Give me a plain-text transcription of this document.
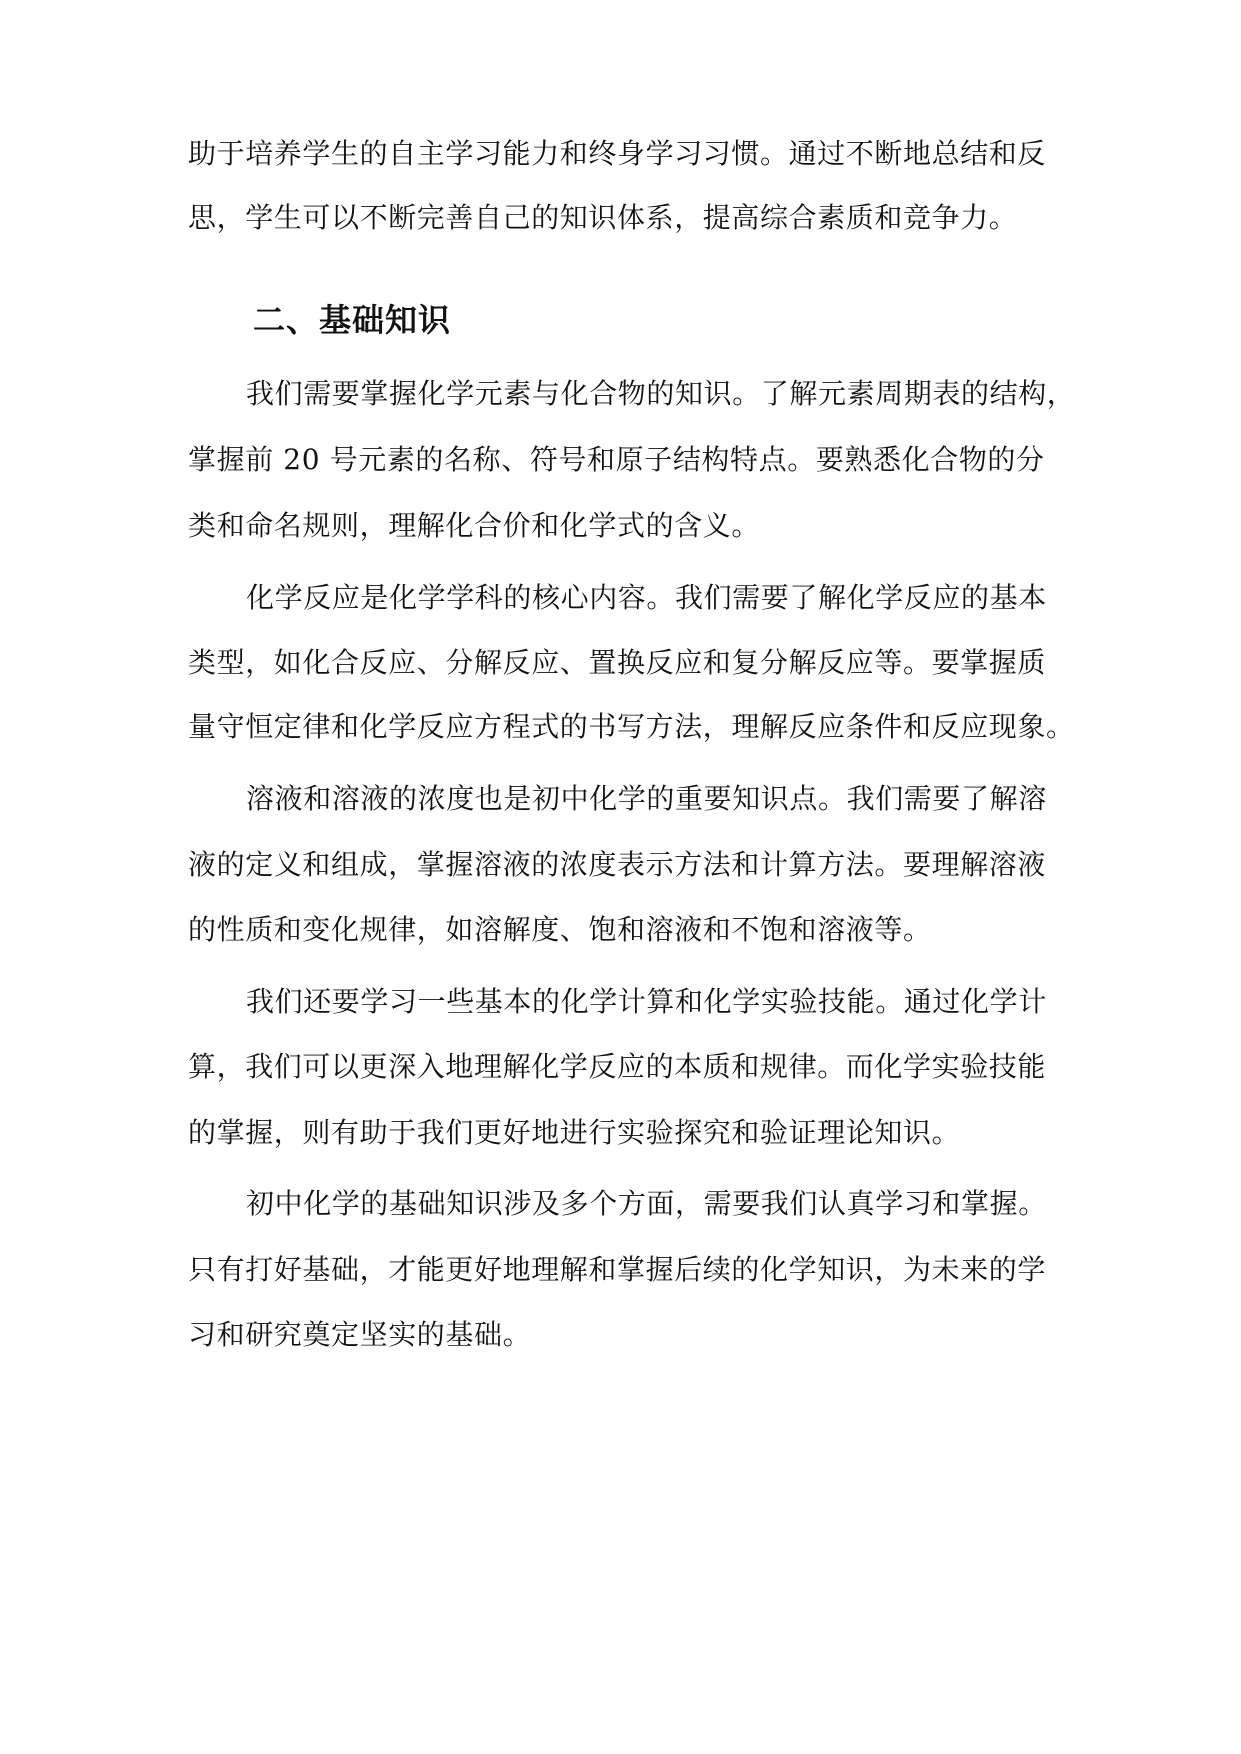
助于培养学生的自主学习能力和终身学习习惯。通过不断地总结和反
思，学生可以不断完善自己的知识体系，提高综合素质和竞争力。
二、基础知识
我们需要掌握化学元素与化合物的知识。了解元素周期表的结构，
掌握前 20 号元素的名称、符号和原子结构特点。要熟悉化合物的分
类和命名规则，理解化合价和化学式的含义。
化学反应是化学学科的核心内容。我们需要了解化学反应的基本
类型，如化合反应、分解反应、置换反应和复分解反应等。要掌握质
量守恒定律和化学反应方程式的书写方法，理解反应条件和反应现象。
溶液和溶液的浓度也是初中化学的重要知识点。我们需要了解溶
液的定义和组成，掌握溶液的浓度表示方法和计算方法。要理解溶液
的性质和变化规律，如溶解度、饱和溶液和不饱和溶液等。
我们还要学习一些基本的化学计算和化学实验技能。通过化学计
算，我们可以更深入地理解化学反应的本质和规律。而化学实验技能
的掌握，则有助于我们更好地进行实验探究和验证理论知识。
初中化学的基础知识涉及多个方面，需要我们认真学习和掌握。
只有打好基础，才能更好地理解和掌握后续的化学知识，为未来的学
习和研究奠定坚实的基础。
